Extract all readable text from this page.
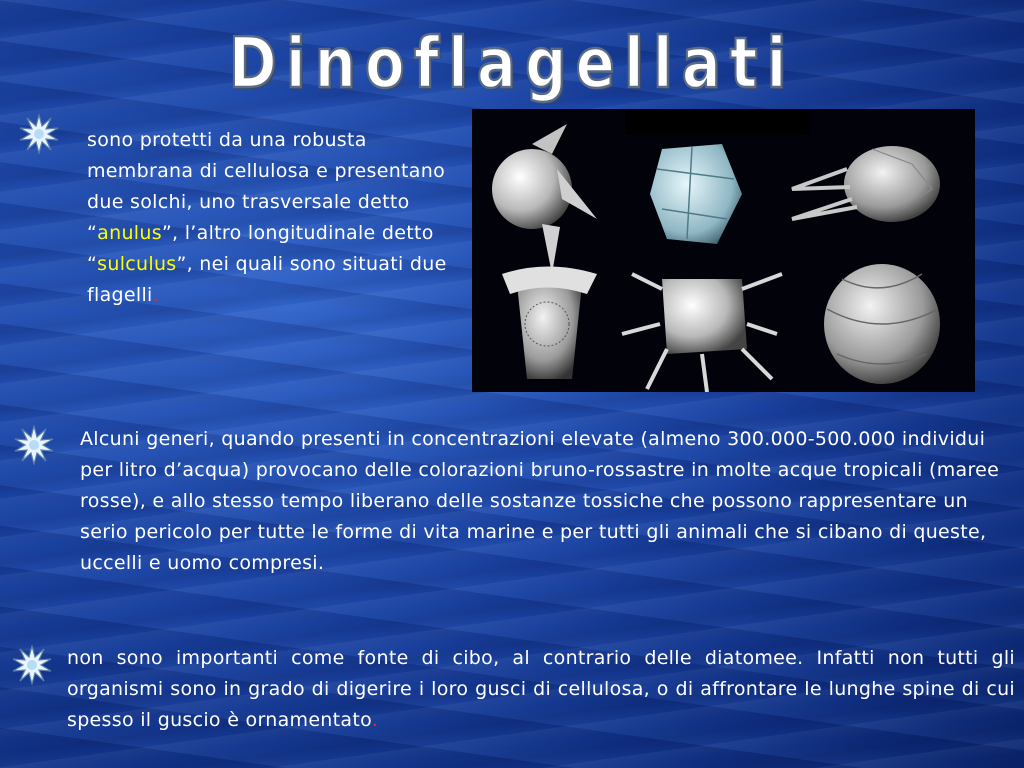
Dinoflagellati
sono protetti da una robusta membrana di cellulosa e presentano due solchi, uno trasversale detto “anulus”, l’altro longitudinale detto “sulculus”, nei quali sono situati due flagelli.
Alcuni generi, quando presenti in concentrazioni elevate (almeno 300.000-500.000 individui per litro d’acqua) provocano delle colorazioni bruno-rossastre in molte acque tropicali (maree rosse), e allo stesso tempo liberano delle sostanze tossiche che possono rappresentare un serio pericolo per tutte le forme di vita marine e per tutti gli animali che si cibano di queste, uccelli e uomo compresi.
non sono importanti come fonte di cibo, al contrario delle diatomee. Infatti non tutti gli organismi sono in grado di digerire i loro gusci di cellulosa, o di affrontare le lunghe spine di cui spesso il guscio è ornamentato.
